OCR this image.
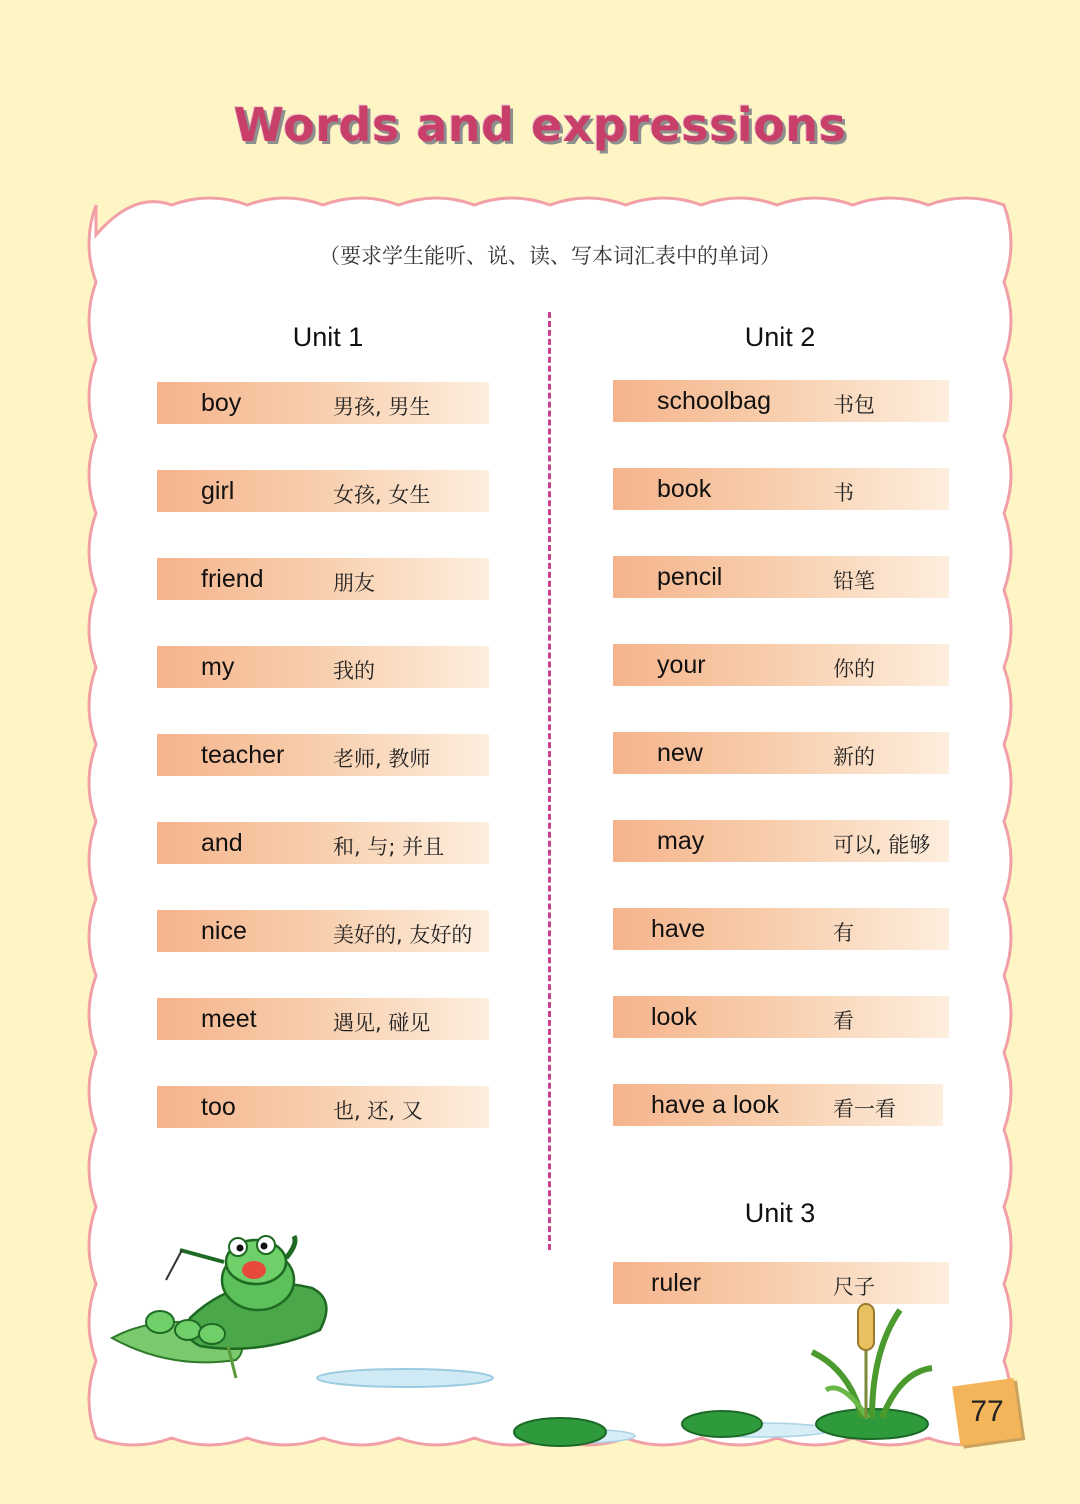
Words and expressions
（要求学生能听、说、读、写本词汇表中的单词）
Unit 1
boy	男孩, 男生
girl	女孩, 女生
friend	朋友
my	我的
teacher 老师, 教师
and	和, 与; 并且
nice	美好的, 友好的
meet	遇见, 碰见
too	也, 还, 又
Unit 2
schoolbag	书包
book	书
pencil	铅笔
your	你的
new	新的
may	可以, 能够
have	有
look	看
have a look	看一看
Unit 3
ruler	尺子
77
